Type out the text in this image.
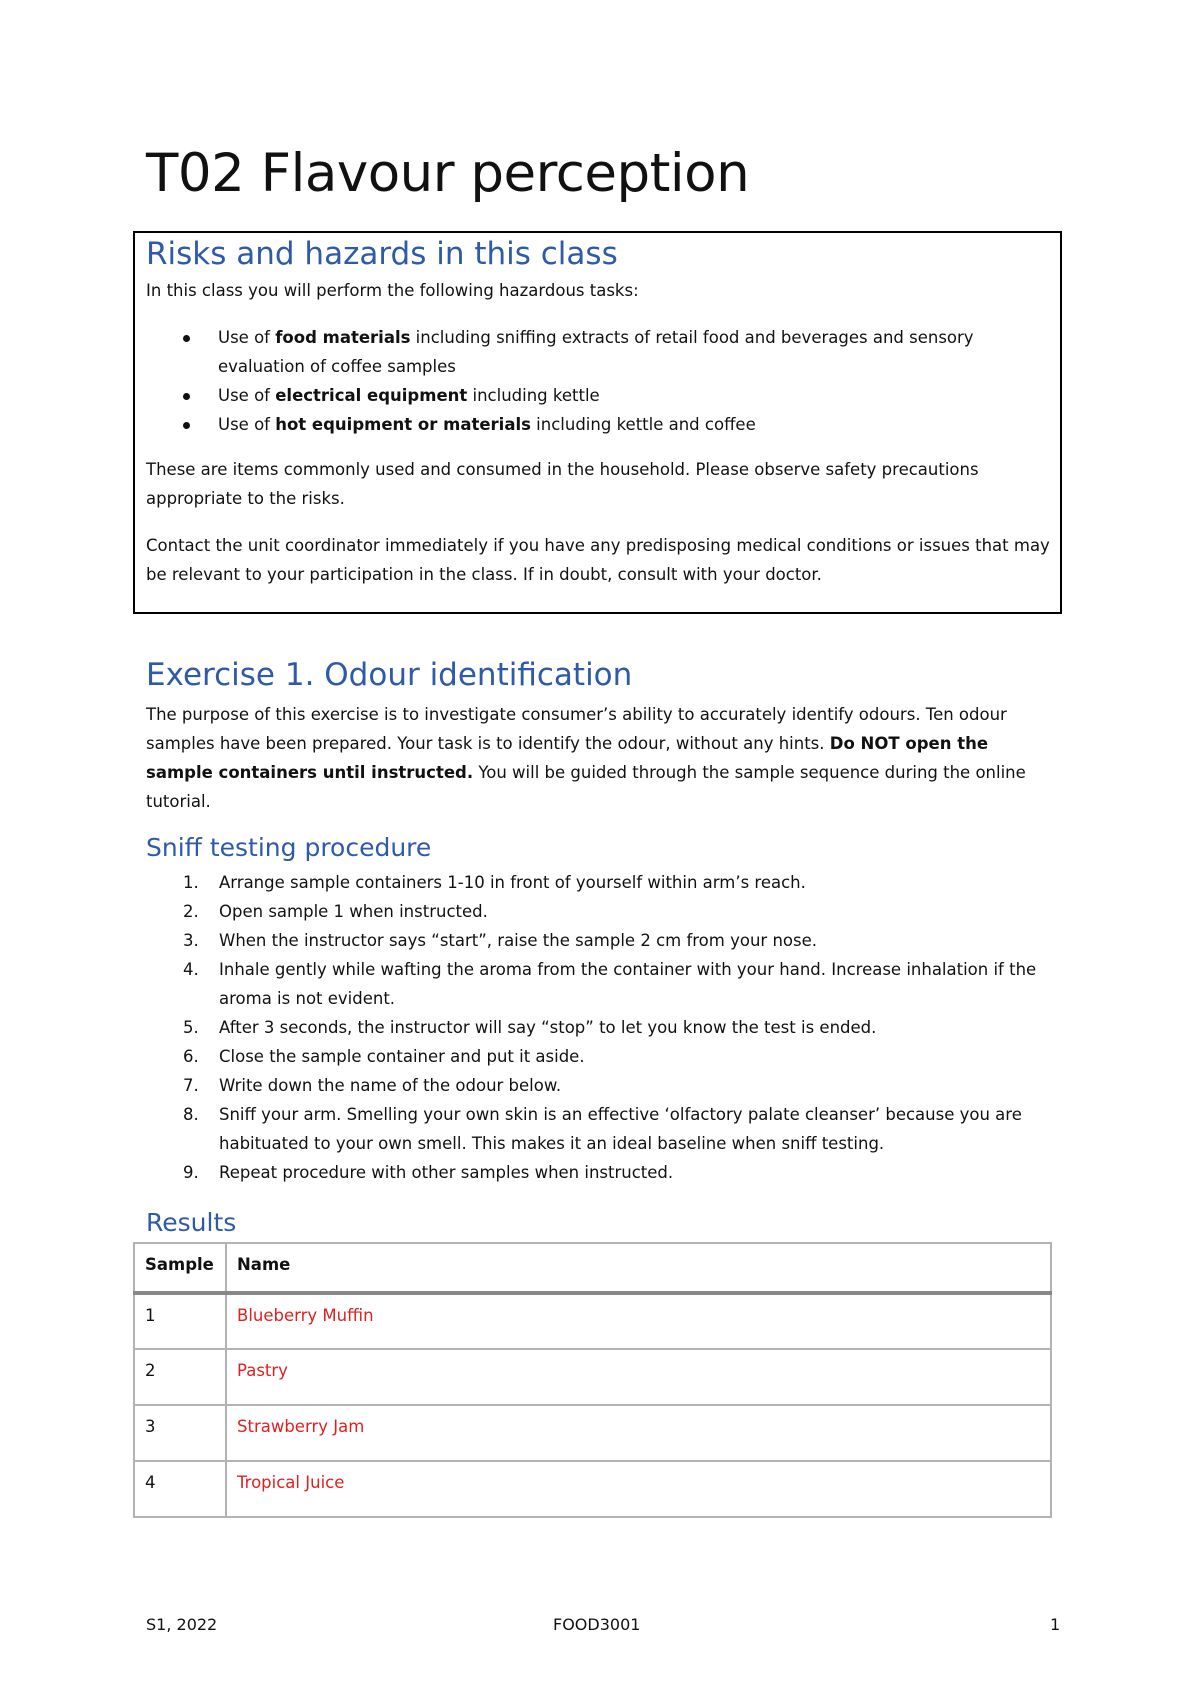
T02 Flavour perception
Risks and hazards in this class

In this class you will perform the following hazardous tasks:

Use of food materials including sniffing extracts of retail food and beverages and sensory evaluation of coffee samples
Use of electrical equipment including kettle
Use of hot equipment or materials including kettle and coffee

These are items commonly used and consumed in the household. Please observe safety precautions appropriate to the risks.

Contact the unit coordinator immediately if you have any predisposing medical conditions or issues that may be relevant to your participation in the class. If in doubt, consult with your doctor.

Exercise 1. Odour identification

The purpose of this exercise is to investigate consumer’s ability to accurately identify odours. Ten odour samples have been prepared. Your task is to identify the odour, without any hints. Do NOT open the sample containers until instructed. You will be guided through the sample sequence during the online tutorial.

Sniff testing procedure
1. Arrange sample containers 1-10 in front of yourself within arm’s reach.
2. Open sample 1 when instructed.
3. When the instructor says “start”, raise the sample 2 cm from your nose.
4. Inhale gently while wafting the aroma from the container with your hand. Increase inhalation if the aroma is not evident.
5. After 3 seconds, the instructor will say “stop” to let you know the test is ended.
6. Close the sample container and put it aside.
7. Write down the name of the odour below.
8. Sniff your arm. Smelling your own skin is an effective ‘olfactory palate cleanser’ because you are habituated to your own smell. This makes it an ideal baseline when sniff testing.
9. Repeat procedure with other samples when instructed.
Results
Sample	Name
1	Blueberry Muffin
2	Pastry
3	Strawberry Jam
4	Tropical Juice
S1, 2022	FOOD3001	1
